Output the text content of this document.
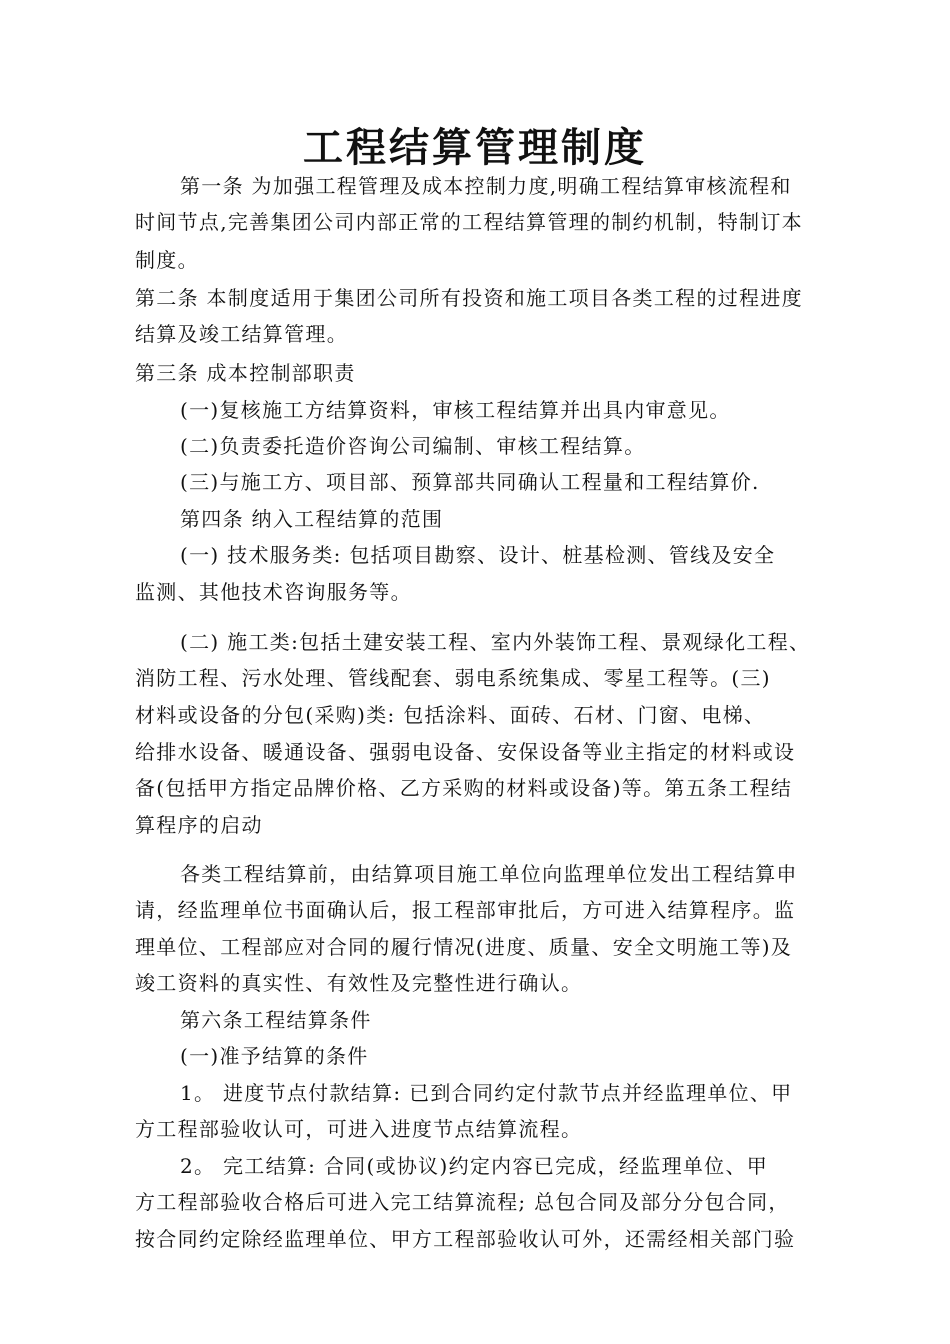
工程结算管理制度
第一条 为加强工程管理及成本控制力度,明确工程结算审核流程和
时间节点,完善集团公司内部正常的工程结算管理的制约机制，特制订本
制度。
第二条 本制度适用于集团公司所有投资和施工项目各类工程的过程进度
结算及竣工结算管理。
第三条 成本控制部职责
(一)复核施工方结算资料，审核工程结算并出具内审意见。
(二)负责委托造价咨询公司编制、审核工程结算。
(三)与施工方、项目部、预算部共同确认工程量和工程结算价.
第四条 纳入工程结算的范围
(一) 技术服务类: 包括项目勘察、设计、桩基检测、管线及安全
监测、其他技术咨询服务等。
(二) 施工类:包括土建安装工程、室内外装饰工程、景观绿化工程、
消防工程、污水处理、管线配套、弱电系统集成、零星工程等。(三)
材料或设备的分包(采购)类: 包括涂料、面砖、石材、门窗、电梯、
给排水设备、暖通设备、强弱电设备、安保设备等业主指定的材料或设
备(包括甲方指定品牌价格、乙方采购的材料或设备)等。第五条工程结
算程序的启动
各类工程结算前，由结算项目施工单位向监理单位发出工程结算申
请，经监理单位书面确认后，报工程部审批后，方可进入结算程序。监
理单位、工程部应对合同的履行情况(进度、质量、安全文明施工等)及
竣工资料的真实性、有效性及完整性进行确认。
第六条工程结算条件
(一)准予结算的条件
1。 进度节点付款结算: 已到合同约定付款节点并经监理单位、甲
方工程部验收认可，可进入进度节点结算流程。
2。 完工结算: 合同(或协议)约定内容已完成，经监理单位、甲
方工程部验收合格后可进入完工结算流程; 总包合同及部分分包合同，
按合同约定除经监理单位、甲方工程部验收认可外，还需经相关部门验
